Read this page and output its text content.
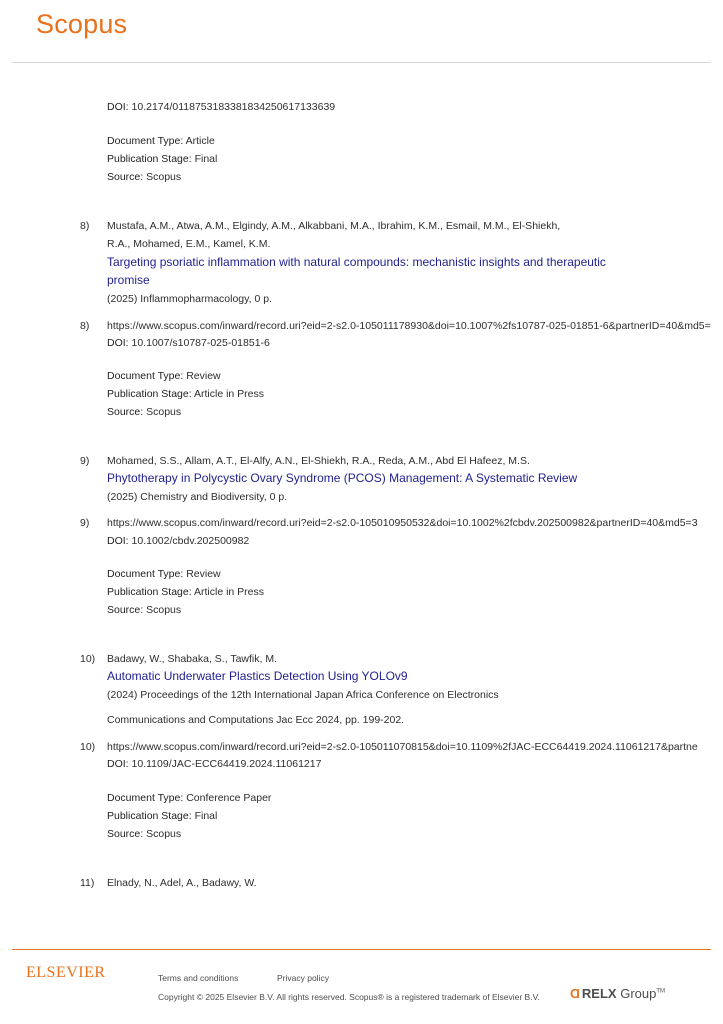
Scopus
DOI: 10.2174/0118753183381834250617133639
Document Type: Article
Publication Stage: Final
Source: Scopus
8)	Mustafa, A.M., Atwa, A.M., Elgindy, A.M., Alkabbani, M.A., Ibrahim, K.M., Esmail, M.M., El-Shiekh,
R.A., Mohamed, E.M., Kamel, K.M.
Targeting psoriatic inflammation with natural compounds: mechanistic insights and therapeutic
promise
(2025) Inflammopharmacology, 0 p.
8)	https://www.scopus.com/inward/record.uri?eid=2-s2.0-105011178930&doi=10.1007%2fs10787-025-01851-6&partnerID=40&md5=
DOI: 10.1007/s10787-025-01851-6
Document Type: Review
Publication Stage: Article in Press
Source: Scopus
9)	Mohamed, S.S., Allam, A.T., El-Alfy, A.N., El-Shiekh, R.A., Reda, A.M., Abd El Hafeez, M.S.
Phytotherapy in Polycystic Ovary Syndrome (PCOS) Management: A Systematic Review
(2025) Chemistry and Biodiversity, 0 p.
9)	https://www.scopus.com/inward/record.uri?eid=2-s2.0-105010950532&doi=10.1002%2fcbdv.202500982&partnerID=40&md5=3
DOI: 10.1002/cbdv.202500982
Document Type: Review
Publication Stage: Article in Press
Source: Scopus
10)	Badawy, W., Shabaka, S., Tawfik, M.
Automatic Underwater Plastics Detection Using YOLOv9
(2024) Proceedings of the 12th International Japan Africa Conference on Electronics
Communications and Computations Jac Ecc 2024, pp. 199-202.
10)	https://www.scopus.com/inward/record.uri?eid=2-s2.0-105011070815&doi=10.1109%2fJAC-ECC64419.2024.11061217&partne
DOI: 10.1109/JAC-ECC64419.2024.11061217
Document Type: Conference Paper
Publication Stage: Final
Source: Scopus
11)	Elnady, N., Adel, A., Badawy, W.
ELSEVIER	Terms and conditions	Privacy policy
Copyright © 2025 Elsevier B.V. All rights reserved. Scopus® is a registered trademark of Elsevier B.V. Ɑ RELX Group™
